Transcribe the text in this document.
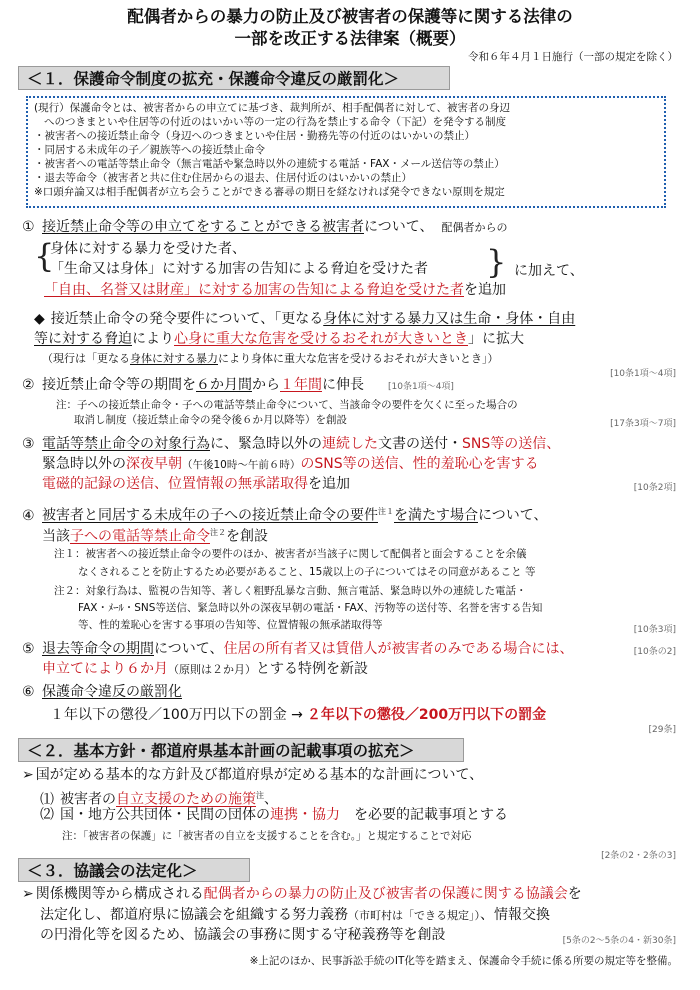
配偶者からの暴力の防止及び被害者の保護等に関する法律の
一部を改正する法律案（概要）
令和６年４月１日施行（一部の規定を除く）
＜１．保護命令制度の拡充・保護命令違反の厳罰化＞
(現行）保護命令とは、被害者からの申立てに基づき、裁判所が、相手配偶者に対して、被害者の身辺
へのつきまといや住居等の付近のはいかい等の一定の行為を禁止する命令（下記）を発令する制度
・被害者への接近禁止命令（身辺へのつきまといや住居・勤務先等の付近のはいかいの禁止）
・同居する未成年の子／親族等への接近禁止命令
・被害者への電話等禁止命令（無言電話や緊急時以外の連続する電話・FAX・メール送信等の禁止）
・退去等命令（被害者と共に住む住居からの退去、住居付近のはいかいの禁止）
※口頭弁論又は相手配偶者が立ち会うことができる審尋の期日を経なければ発令できない原則を規定
① 接近禁止命令等の申立てをすることができる被害者について、 配偶者からの
{
身体に対する暴力を受けた者、
「生命又は身体」に対する加害の告知による脅迫を受けた者 } に加えて、
「自由、名誉又は財産」に対する加害の告知による脅迫を受けた者を追加
◆ 接近禁止命令の発令要件について、「更なる身体に対する暴力又は生命・身体・自由
等に対する脅迫により心身に重大な危害を受けるおそれが大きいとき」に拡大
（現行は「更なる身体に対する暴力により身体に重大な危害を受けるおそれが大きいとき」）
[10条1項～4項]
② 接近禁止命令等の期間を６か月間から１年間に伸長	[10条1項～4項]
注：子への接近禁止命令・子への電話等禁止命令について、当該命令の要件を欠くに至った場合の
取消し制度（接近禁止命令の発令後６か月以降等）を創設	[17条3項～7項]
③ 電話等禁止命令の対象行為に、緊急時以外の連続した文書の送付・SNS等の送信、
緊急時以外の深夜早朝（午後10時～午前６時）のSNS等の送信、性的羞恥心を害する
電磁的記録の送信、位置情報の無承諾取得を追加	[10条2項]
④ 被害者と同居する未成年の子への接近禁止命令の要件$^{注1}$を満たす場合について、
当該子への電話等禁止命令$^{注2}$を創設
注１：被害者への接近禁止命令の要件のほか、被害者が当該子に関して配偶者と面会することを余儀
なくされることを防止するため必要があること、15歳以上の子についてはその同意があること 等
注２：対象行為は、監視の告知等、著しく粗野乱暴な言動、無言電話、緊急時以外の連続した電話・
FAX・ﾒｰﾙ・SNS等送信、緊急時以外の深夜早朝の電話・FAX、汚物等の送付等、名誉を害する告知
等、性的羞恥心を害する事項の告知等、位置情報の無承諾取得等	[10条3項]
⑤ 退去等命令の期間について、住居の所有者又は賃借人が被害者のみである場合には、
申立てにより６か月（原則は２か月）とする特例を新設
[10条の2]
⑥ 保護命令違反の厳罰化
１年以下の懲役／100万円以下の罰金 → ２年以下の懲役／200万円以下の罰金
[29条]
＜２．基本方針・都道府県基本計画の記載事項の拡充＞
➢ 国が定める基本的な方針及び都道府県が定める基本的な計画について、
⑴ 被害者の自立支援のための施策$^注$、
⑵ 国・地方公共団体・民間の団体の連携・協力 を必要的記載事項とする
注：「被害者の保護」に「被害者の自立を支援することを含む。」と規定することで対応
[2条の2・2条の3]
＜３．協議会の法定化＞
➢ 関係機関等から構成される配偶者からの暴力の防止及び被害者の保護に関する協議会を
法定化し、都道府県に協議会を組織する努力義務（市町村は「できる規定」）、情報交換
の円滑化等を図るため、協議会の事務に関する守秘義務等を創設	[5条の2～5条の4・新30条]
※上記のほか、民事訴訟手続のIT化等を踏まえ、保護命令手続に係る所要の規定等を整備。
